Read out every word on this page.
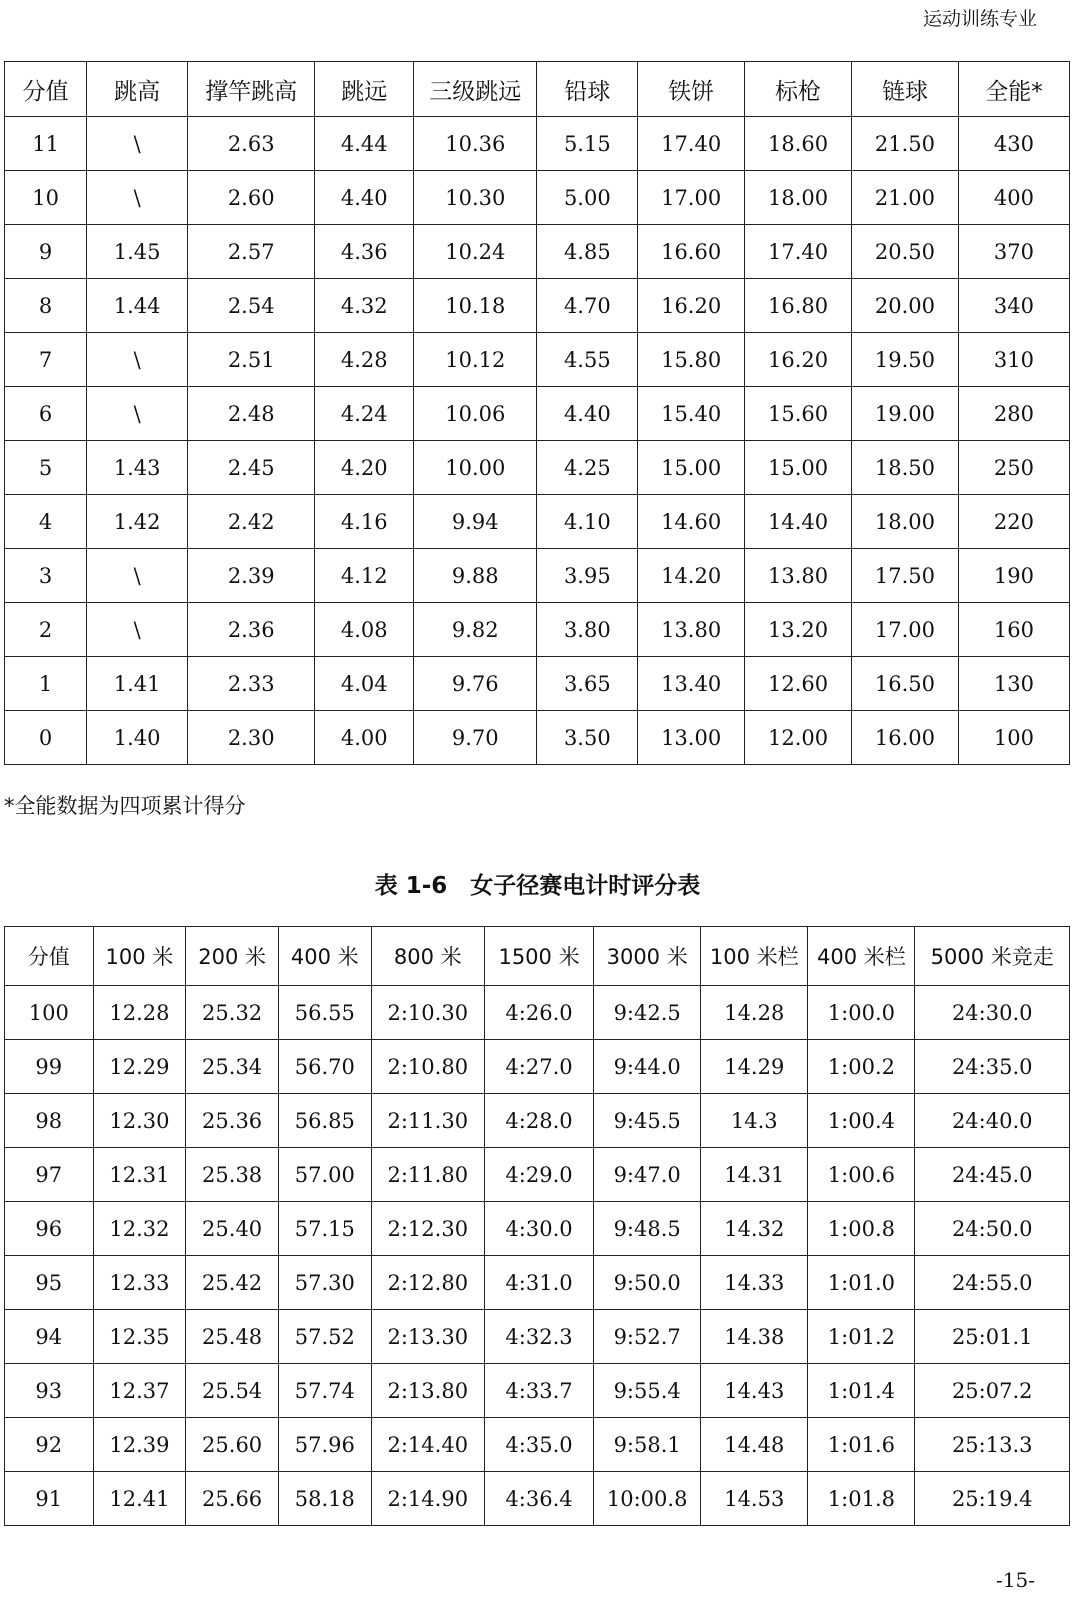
运动训练专业
分值	跳高	撑竿跳高	跳远	三级跳远	铅球	铁饼	标枪	链球	全能*
11	\	2.63	4.44	10.36	5.15	17.40	18.60	21.50	430
10	\	2.60	4.40	10.30	5.00	17.00	18.00	21.00	400
9	1.45	2.57	4.36	10.24	4.85	16.60	17.40	20.50	370
8	1.44	2.54	4.32	10.18	4.70	16.20	16.80	20.00	340
7	\	2.51	4.28	10.12	4.55	15.80	16.20	19.50	310
6	\	2.48	4.24	10.06	4.40	15.40	15.60	19.00	280
5	1.43	2.45	4.20	10.00	4.25	15.00	15.00	18.50	250
4	1.42	2.42	4.16	9.94	4.10	14.60	14.40	18.00	220
3	\	2.39	4.12	9.88	3.95	14.20	13.80	17.50	190
2	\	2.36	4.08	9.82	3.80	13.80	13.20	17.00	160
1	1.41	2.33	4.04	9.76	3.65	13.40	12.60	16.50	130
0	1.40	2.30	4.00	9.70	3.50	13.00	12.00	16.00	100
*全能数据为四项累计得分
表 1-6　女子径赛电计时评分表
分值	100 米	200 米	400 米	800 米	1500 米	3000 米	100 米栏	400 米栏	5000 米竞走
100	12.28	25.32	56.55	2:10.30	4:26.0	9:42.5	14.28	1:00.0	24:30.0
99	12.29	25.34	56.70	2:10.80	4:27.0	9:44.0	14.29	1:00.2	24:35.0
98	12.30	25.36	56.85	2:11.30	4:28.0	9:45.5	14.3	1:00.4	24:40.0
97	12.31	25.38	57.00	2:11.80	4:29.0	9:47.0	14.31	1:00.6	24:45.0
96	12.32	25.40	57.15	2:12.30	4:30.0	9:48.5	14.32	1:00.8	24:50.0
95	12.33	25.42	57.30	2:12.80	4:31.0	9:50.0	14.33	1:01.0	24:55.0
94	12.35	25.48	57.52	2:13.30	4:32.3	9:52.7	14.38	1:01.2	25:01.1
93	12.37	25.54	57.74	2:13.80	4:33.7	9:55.4	14.43	1:01.4	25:07.2
92	12.39	25.60	57.96	2:14.40	4:35.0	9:58.1	14.48	1:01.6	25:13.3
91	12.41	25.66	58.18	2:14.90	4:36.4	10:00.8	14.53	1:01.8	25:19.4
-15-
